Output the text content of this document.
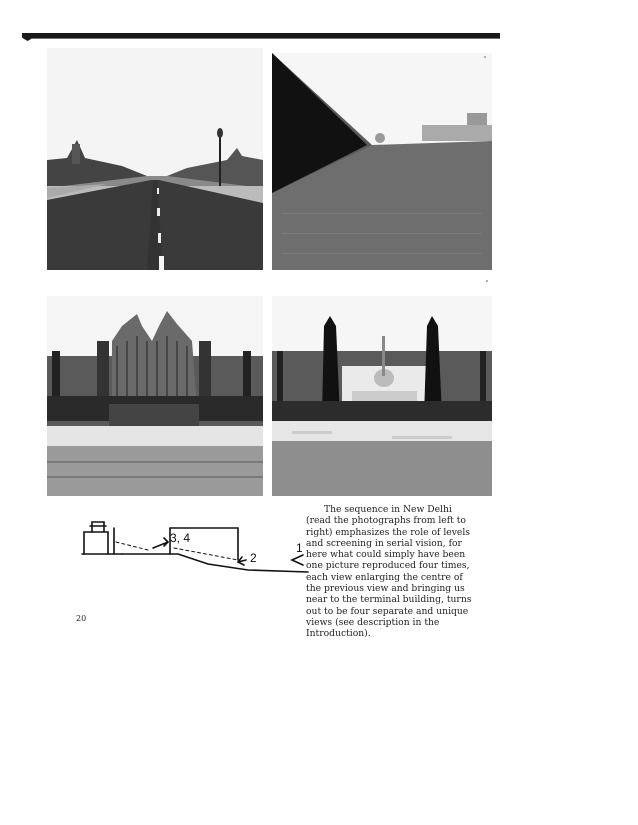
3, 4
2
1

The sequence in New Delhi (read the photographs from left to right) emphasizes the role of levels and screening in serial vision, for here what could simply have been one picture reproduced four times, each view enlarging the centre of the previous view and bringing us near to the terminal building, turns out to be four separate and unique views (see description in the Introduction).

20
